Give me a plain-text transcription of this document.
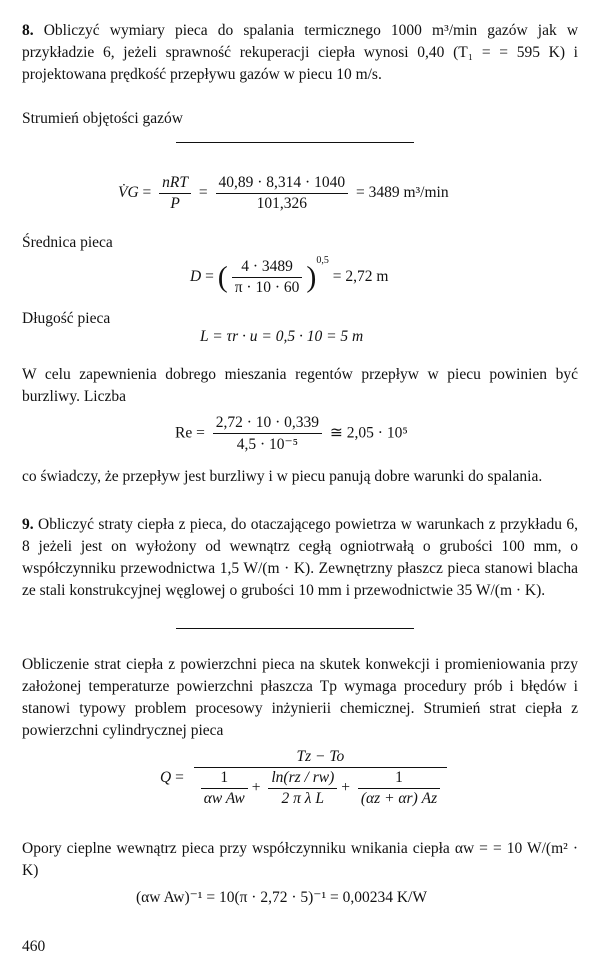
8. Obliczyć wymiary pieca do spalania termicznego 1000 m³/min gazów jak w przykładzie 6, jeżeli sprawność rekuperacji ciepła wynosi 0,40 (T₁ = = 595 K) i projektowana prędkość przepływu gazów w piecu 10 m/s.
Strumień objętości gazów
V̇G = $\frac{\text{nRT}}{P} = \frac{40,89 \cdot 8,314 \cdot 1040}{101,326} = 3489$ m³/min
Średnica pieca
D = ( $\frac{4 \cdot 3489}{\pi \cdot 10 \cdot 60} )^{0,5} = 2,72$ m
Długość pieca
L = τr · u = 0,5 · 10 = 5 m
W celu zapewnienia dobrego mieszania regentów przepływ w piecu powinien być burzliwy. Liczba
$Re = \frac{2,72 \cdot 10 \cdot 0,339}{\text{4,5 · 10⁻⁵}}$ ≅ 2,05 · 10⁵
co świadczy, że przepływ jest burzliwy i w piecu panują dobre warunki do spalania.
9. Obliczyć straty ciepła z pieca, do otaczającego powietrza w warunkach z przykładu 6, 8 jeżeli jest on wyłożony od wewnątrz cegłą ogniotrwałą o grubości 100 mm, o współczynniku przewodnictwa 1,5 W/(m · K). Zewnętrzny płaszcz pieca stanowi blacha ze stali konstrukcyjnej węglowej o grubości 10 mm i przewodnictwie 35 W/(m · K).
Obliczenie strat ciepła z powierzchni pieca na skutek konwekcji i promieniowania przy założonej temperaturze powierzchni płaszcza Tp wymaga procedury prób i błędów i stanowi typowy problem procesowy inżynierii chemicznej. Strumień strat ciepła z powierzchni cylindrycznej pieca
Q =
Tz − To
$\frac{1}{\text{αw Aw}} + \frac{\ln(rz / rw)}{\text{2 π λ L}} + \frac{1}{(\alpha z + \alpha r) Az}$
Opory cieplne wewnątrz pieca przy współczynniku wnikania ciepła αw = = 10 W/(m² · K)
(αw Aw)⁻¹ = 10(π · 2,72 · 5)⁻¹ = 0,00234 K/W
460
